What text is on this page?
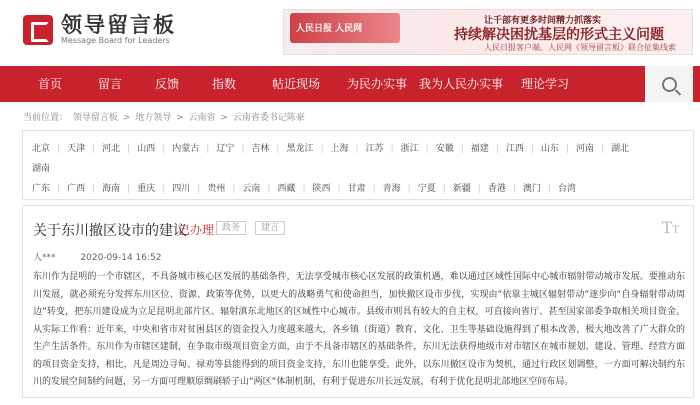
领导留言板
Message Board for Leaders
人民日报 人民网
让千部有更多时间精力抓落实
持续解决困扰基层的形式主义问题
人民日报客户端、人民网《领导留言板》联合征集线索
首页	留言	反馈	指数	帖近现场	为民办实事 我为人民办实事	理论学习
当前位置： 领导留言板 > 地方领导 > 云南省 > 云南省委书记陈豪
北京 | 天津 | 河北 | 山西 | 内蒙古 | 辽宁 | 吉林 | 黑龙江 | 上海 | 江苏 | 浙江 | 安徽 | 福建 | 江西 | 山东 | 河南 | 湖北
湖南
广东 | 广西 | 海南 | 重庆 | 四川 | 贵州 | 云南 | 西藏 | 陕西 | 甘肃 | 青海 | 宁夏 | 新疆 | 香港 | 澳门 | 台湾
关于东川撤区设市的建议
已办理 政务	建言	TT
人***	2020-09-14 16:52
东川作为昆明的一个市辖区，不具备城市核心区发展的基础条件，无法享受城市核心区发展的政策机遇，难以通过区域性国际中心城市辐射带动城市发展。要推动东川发展，就必须充分发挥东川区位、资源、政策等优势，以更大的战略勇气和使命担当，加快撤区设市步伐，实现由“依靠主城区辐射带动”逐步向“自身辐射带动周边”转变，把东川建设成为立足昆明北部片区、辐射滇东北地区的区域性中心城市。县级市则具有较大的自主权，可直接向省厅、甚至国家部委争取相关项目资金。从实际工作看：近年来，中央和省市对贫困县区的资金投入力度越来越大，各乡镇（街道）教育、文化、卫生等基础设施得到了根本改善，极大地改善了广大群众的生产生活条件。东川作为市辖区建制，在争取市级项目资金方面，由于不具备市辖区的基础条件，东川无法获得地级市对市辖区在城市规划、建设、管理、经营方面的项目资金支持，相比，凡是周边寻甸、禄劝等县能得到的项目资金支持，东川也能享受。此外，以东川撤区设市为契机，通过行政区划调整，一方面可解决制约东川的发展空间制约问题，另一方面可理顺原绸刷轿子山“两区”体制机制，有利于促进东川长远发展，有利于优化昆明北部地区空间布局。
